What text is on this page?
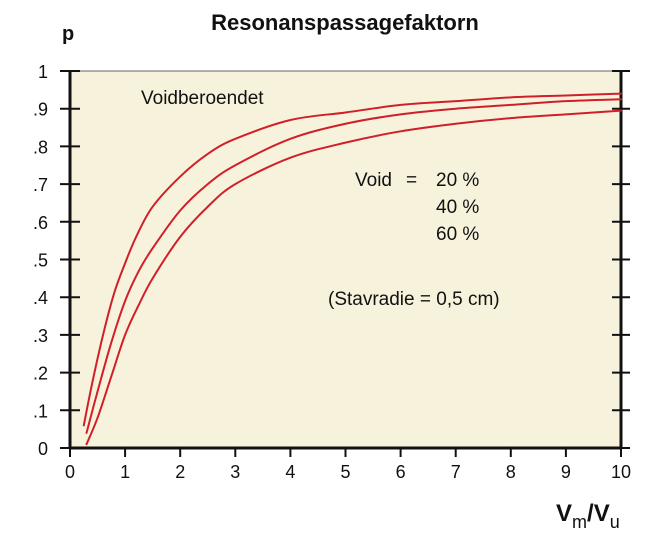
0
.1
.2
.3
.4
.5
.6
.7
.8
.9
1
0	1	2	3	4	5	6	7	8	9 10
Resonanspassagefaktorn
p
Voidberoendet
Void = 20 %
40 %
60 %
(Stavradie = 0,5 cm)
$V_m/V_u$
